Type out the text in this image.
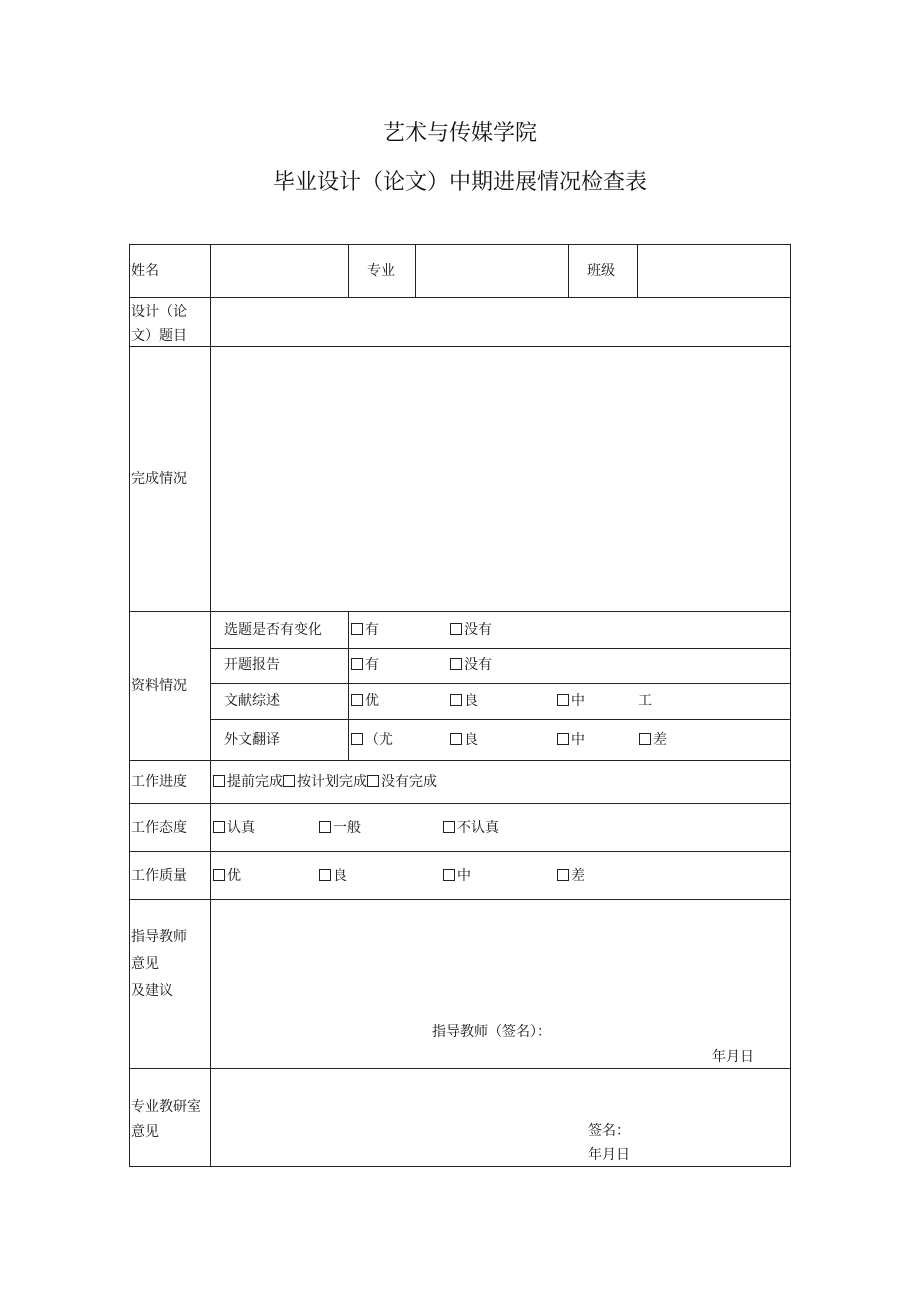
艺术与传媒学院
毕业设计（论文）中期进展情况检查表
姓名	专业	班级
设计（论
文）题目
完成情况
资料情况
选题是否有变化	有	没有
开题报告	有	没有
文献综述	优	良	中	工
外文翻译	（尤	良	中	差
工作进度	提前完成 按计划完成 没有完成
工作态度	认真	一般	不认真
工作质量	优	良	中	差
指导教师
意见
及建议
指导教师（签名）：
年月日
专业教研室
意见	签名：
年月日
